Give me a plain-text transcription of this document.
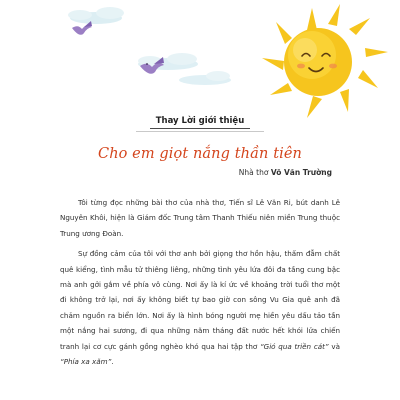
Thay Lời giới thiệu
Cho em giọt nắng thần tiên
Nhà thơ Võ Văn Trường

Tôi từng đọc những bài thơ của nhà thơ, Tiến sĩ Lê Văn Ri, bút danh Lê Nguyên Khôi, hiện là Giám đốc Trung tâm Thanh Thiếu niên miền Trung thuộc Trung ương Đoàn.

Sự đồng cảm của tôi với thơ anh bởi giọng thơ hồn hậu, thấm đẫm chất quê kiểng, tình mẫu tử thiêng liêng, những tình yêu lứa đôi đa tầng cung bậc mà anh gởi gắm về phía vô cùng. Nơi ấy là kí ức về khoảng trời tuổi thơ một đi không trở lại, nơi ấy không biết tự bao giờ con sông Vu Gia quê anh đã chảm nguồn ra biển lớn. Nơi ấy là hình bóng người mẹ hiền yêu dấu tảo tần một nắng hai sương, đi qua những năm tháng đất nước hết khói lửa chiến tranh lại cơ cực gánh gồng nghèo khó qua hai tập thơ “Gió qua triền cát” và “Phía xa xăm”.
